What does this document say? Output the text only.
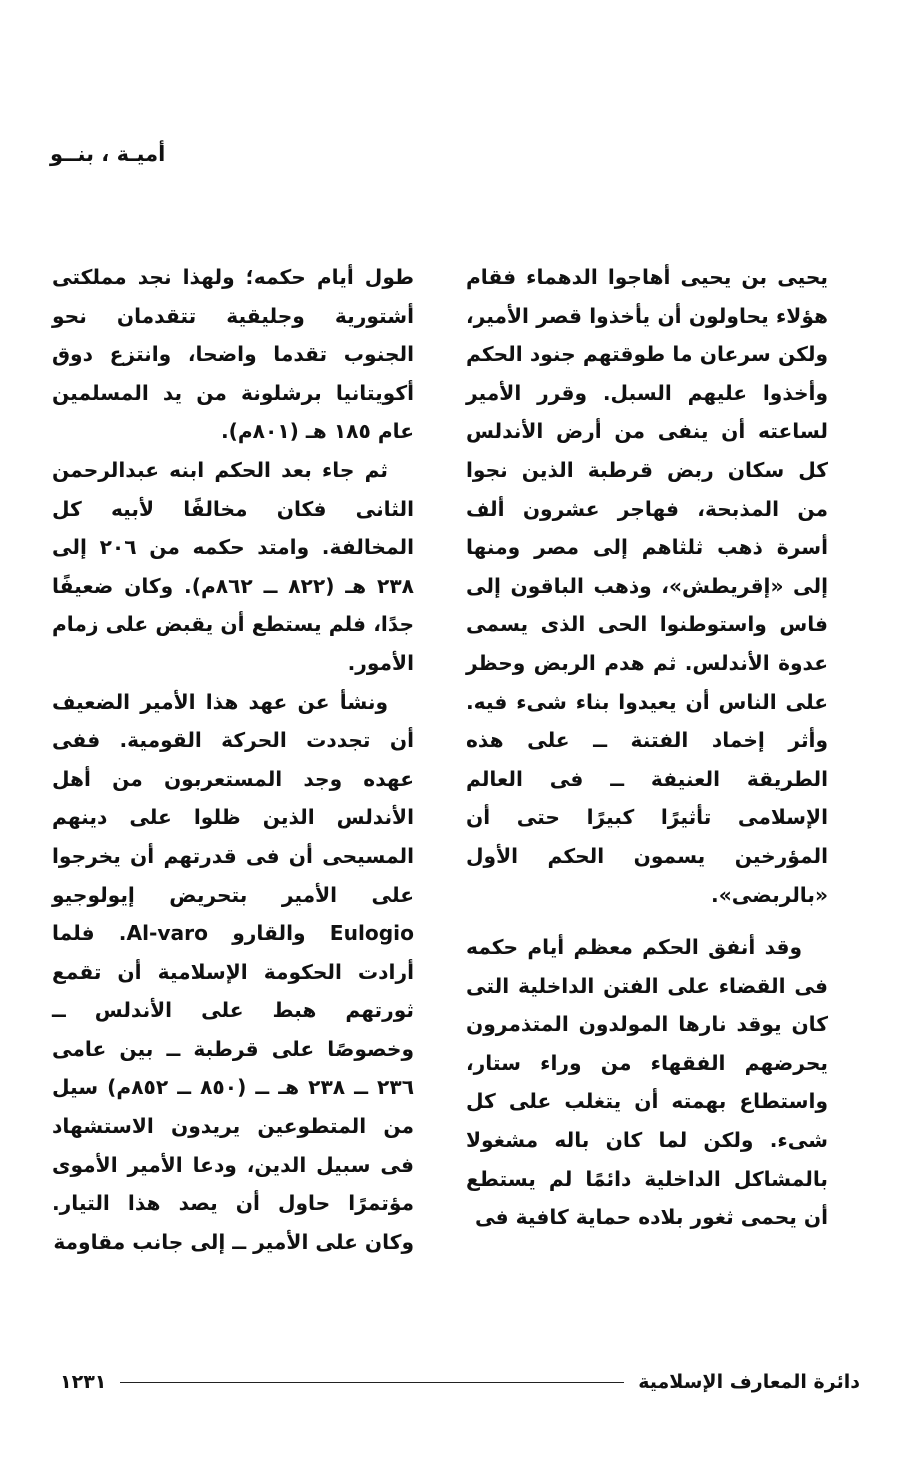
أميـة ، بنــو

يحيى بن يحيى أهاجوا الدهماء فقام هؤلاء يحاولون أن يأخذوا قصر الأمير، ولكن سرعان ما طوقتهم جنود الحكم وأخذوا عليهم السبل. وقرر الأمير لساعته أن ينفى من أرض الأندلس كل سكان ربض قرطبة الذين نجوا من المذبحة، فهاجر عشرون ألف أسرة ذهب ثلثاهم إلى مصر ومنها إلى «إقريطش»، وذهب الباقون إلى فاس واستوطنوا الحى الذى يسمى عدوة الأندلس. ثم هدم الربض وحظر على الناس أن يعيدوا بناء شىء فيه. وأثر إخماد الفتنة ــ على هذه الطريقة العنيفة ــ فى العالم الإسلامى تأثيرًا كبيرًا حتى أن المؤرخين يسمون الحكم الأول «بالربضى».

وقد أنفق الحكم معظم أيام حكمه فى القضاء على الفتن الداخلية التى كان يوقد نارها المولدون المتذمرون يحرضهم الفقهاء من وراء ستار، واستطاع بهمته أن يتغلب على كل شىء. ولكن لما كان باله مشغولا بالمشاكل الداخلية دائمًا لم يستطع أن يحمى ثغور بلاده حماية كافية فى

طول أيام حكمه؛ ولهذا نجد مملكتى أشتورية وجليقية تتقدمان نحو الجنوب تقدما واضحا، وانتزع دوق أكويتانيا برشلونة من يد المسلمين عام ١٨٥ هـ (٨٠١م).

ثم جاء بعد الحكم ابنه عبدالرحمن الثانى فكان مخالفًا لأبيه كل المخالفة. وامتد حكمه من ٢٠٦ إلى ٢٣٨ هـ (٨٢٢ ــ ٨٦٢م). وكان ضعيفًا جدًا، فلم يستطع أن يقبض على زمام الأمور.

ونشأ عن عهد هذا الأمير الضعيف أن تجددت الحركة القومية. ففى عهده وجد المستعربون من أهل الأندلس الذين ظلوا على دينهم المسيحى أن فى قدرتهم أن يخرجوا على الأمير بتحريض إيولوجيو Eulogio والقارو Al-varo. فلما أرادت الحكومة الإسلامية أن تقمع ثورتهم هبط على الأندلس ــ وخصوصًا على قرطبة ــ بين عامى ٢٣٦ ــ ٢٣٨ هـ ــ (٨٥٠ ــ ٨٥٢م) سيل من المتطوعين يريدون الاستشهاد فى سبيل الدين، ودعا الأمير الأموى مؤتمرًا حاول أن يصد هذا التيار. وكان على الأمير ــ إلى جانب مقاومة

دائرة المعارف الإسلامية
١٢٣١
